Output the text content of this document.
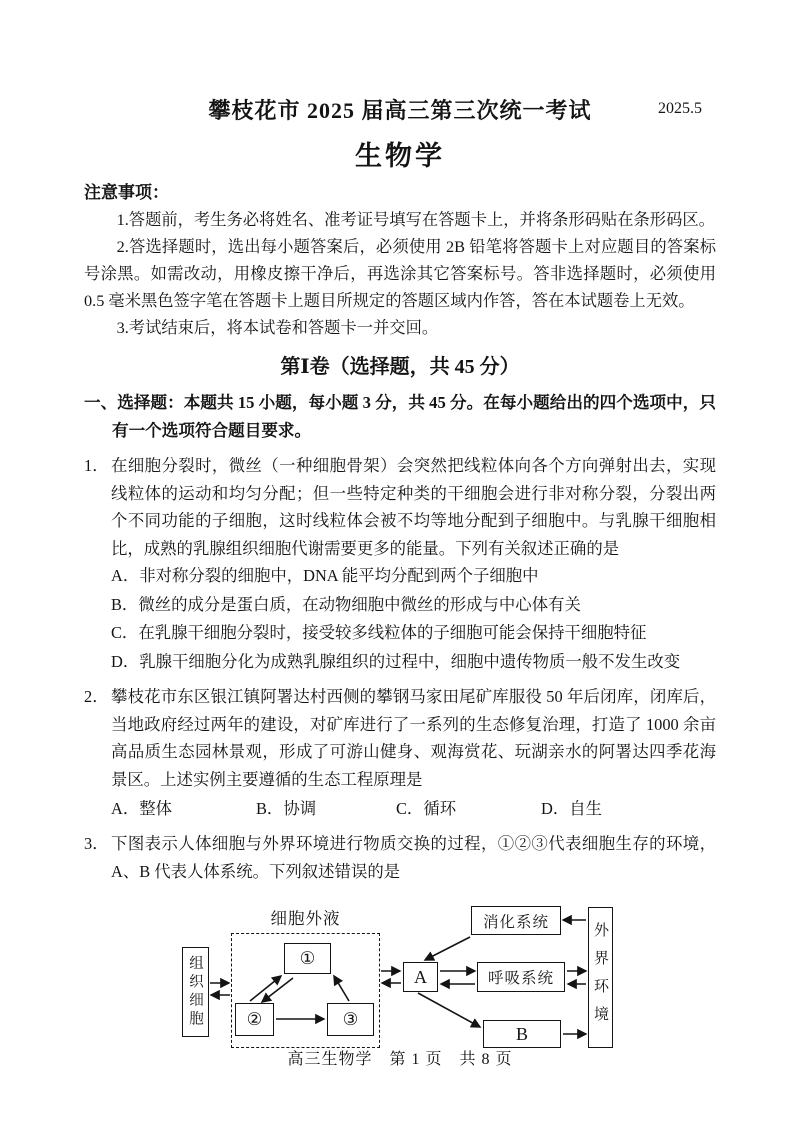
攀枝花市 2025 届高三第三次统一考试	2025.5
生物学
注意事项：

1.答题前，考生务必将姓名、准考证号填写在答题卡上，并将条形码贴在条形码区。

2.答选择题时，选出每小题答案后，必须使用 2B 铅笔将答题卡上对应题目的答案标号涂黑。如需改动，用橡皮擦干净后，再选涂其它答案标号。答非选择题时，必须使用 0.5 毫米黑色签字笔在答题卡上题目所规定的答题区域内作答，答在本试题卷上无效。

3.考试结束后，将本试卷和答题卡一并交回。

第Ⅰ卷（选择题，共 45 分）
一、选择题：本题共 15 小题，每小题 3 分，共 45 分。在每小题给出的四个选项中，只有一个选项符合题目要求。
1． 在细胞分裂时，微丝（一种细胞骨架）会突然把线粒体向各个方向弹射出去，实现线粒体的运动和均匀分配；但一些特定种类的干细胞会进行非对称分裂，分裂出两个不同功能的子细胞，这时线粒体会被不均等地分配到子细胞中。与乳腺干细胞相比，成熟的乳腺组织细胞代谢需要更多的能量。下列有关叙述正确的是
A．非对称分裂的细胞中，DNA 能平均分配到两个子细胞中
B．微丝的成分是蛋白质，在动物细胞中微丝的形成与中心体有关
C．在乳腺干细胞分裂时，接受较多线粒体的子细胞可能会保持干细胞特征
D．乳腺干细胞分化为成熟乳腺组织的过程中，细胞中遗传物质一般不发生改变
2． 攀枝花市东区银江镇阿署达村西侧的攀钢马家田尾矿库服役 50 年后闭库，闭库后，当地政府经过两年的建设，对矿库进行了一系列的生态修复治理，打造了 1000 余亩高品质生态园林景观，形成了可游山健身、观海赏花、玩湖亲水的阿署达四季花海景区。上述实例主要遵循的生态工程原理是
A．整体	B．协调	C．循环	D．自生
3． 下图表示人体细胞与外界环境进行物质交换的过程，①②③代表细胞生存的环境，A、B 代表人体系统。下列叙述错误的是
细胞外液
组织细胞	①
②	③
A
消化系统
呼吸系统
B	外界环境
高三生物学　第 1 页　共 8 页
